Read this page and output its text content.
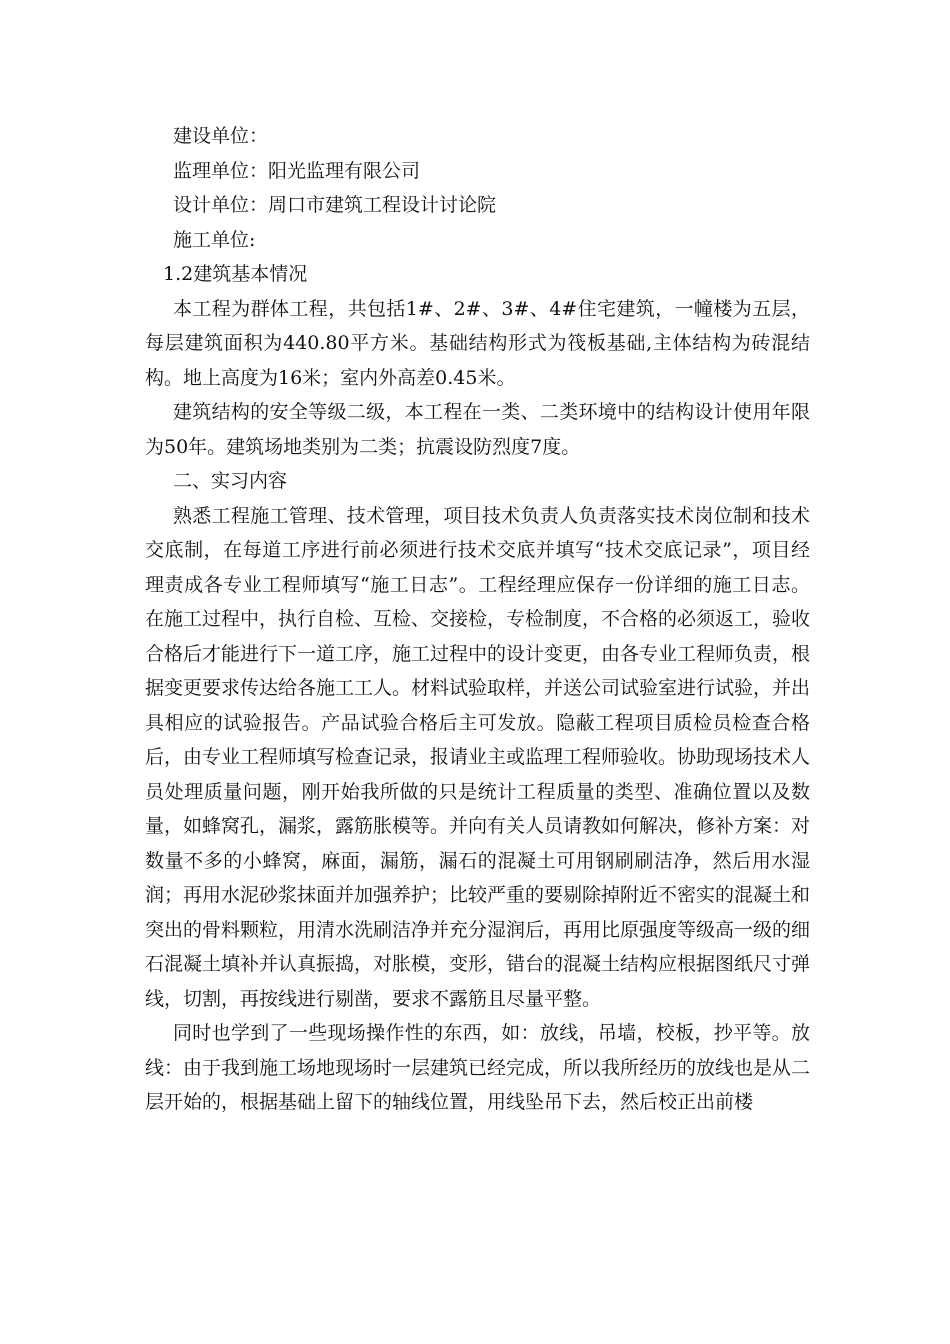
建设单位：

监理单位：阳光监理有限公司

设计单位：周口市建筑工程设计讨论院

施工单位:

1.2建筑基本情况

本工程为群体工程，共包括1#、2#、3#、4#住宅建筑，一幢楼为五层，每层建筑面积为440.80平方米。基础结构形式为筏板基础,主体结构为砖混结构。地上高度为16米；室内外高差0.45米。

建筑结构的安全等级二级，本工程在一类、二类环境中的结构设计使用年限为50年。建筑场地类别为二类；抗震设防烈度7度。

二、实习内容

熟悉工程施工管理、技术管理，项目技术负责人负责落实技术岗位制和技术交底制，在每道工序进行前必须进行技术交底并填写“技术交底记录”，项目经理责成各专业工程师填写“施工日志”。工程经理应保存一份详细的施工日志。在施工过程中，执行自检、互检、交接检，专检制度，不合格的必须返工，验收合格后才能进行下一道工序，施工过程中的设计变更，由各专业工程师负责，根据变更要求传达给各施工工人。材料试验取样，并送公司试验室进行试验，并出具相应的试验报告。产品试验合格后主可发放。隐蔽工程项目质检员检查合格后，由专业工程师填写检查记录，报请业主或监理工程师验收。协助现场技术人员处理质量问题，刚开始我所做的只是统计工程质量的类型、准确位置以及数量，如蜂窝孔，漏浆，露筋胀模等。并向有关人员请教如何解决，修补方案：对数量不多的小蜂窝，麻面，漏筋，漏石的混凝土可用钢刷刷洁净，然后用水湿润；再用水泥砂浆抹面并加强养护；比较严重的要剔除掉附近不密实的混凝土和突出的骨料颗粒，用清水洗刷洁净并充分湿润后，再用比原强度等级高一级的细石混凝土填补并认真振捣，对胀模，变形，错台的混凝土结构应根据图纸尺寸弹线，切割，再按线进行剔凿，要求不露筋且尽量平整。

同时也学到了一些现场操作性的东西，如：放线，吊墙，校板，抄平等。放线：由于我到施工场地现场时一层建筑已经完成，所以我所经历的放线也是从二层开始的，根据基础上留下的轴线位置，用线坠吊下去，然后校正出前楼
